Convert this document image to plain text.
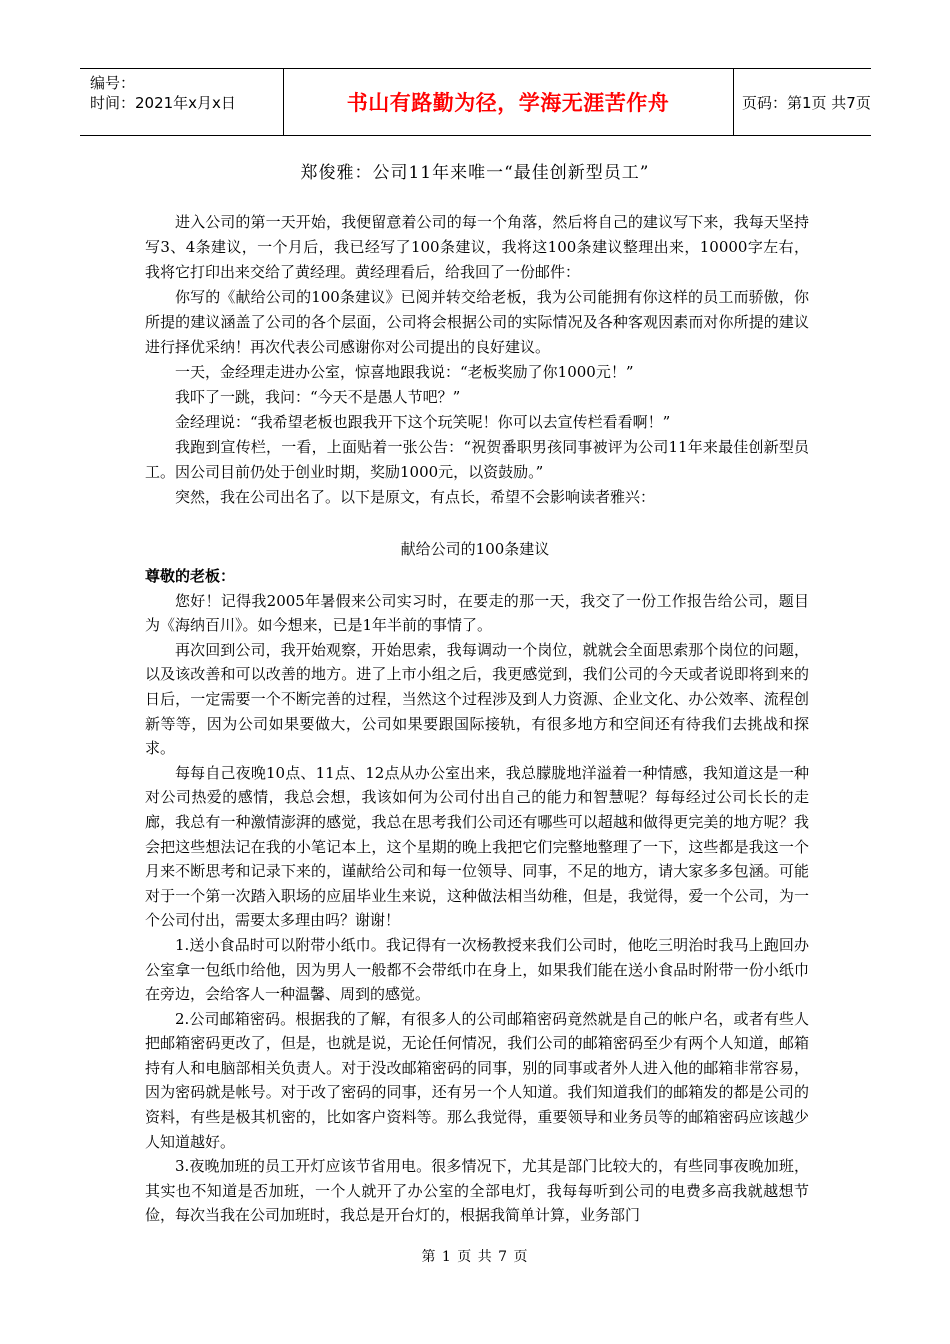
编号：
时间：2021年x月x日	书山有路勤为径，学海无涯苦作舟	页码：第1页 共7页
郑俊雅：公司11年来唯一“最佳创新型员工”

进入公司的第一天开始，我便留意着公司的每一个角落，然后将自己的建议写下来，我每天坚持写3、4条建议，一个月后，我已经写了100条建议，我将这100条建议整理出来，10000字左右，我将它打印出来交给了黄经理。黄经理看后，给我回了一份邮件：

你写的《献给公司的100条建议》已阅并转交给老板，我为公司能拥有你这样的员工而骄傲，你所提的建议涵盖了公司的各个层面，公司将会根据公司的实际情况及各种客观因素而对你所提的建议进行择优采纳！再次代表公司感谢你对公司提出的良好建议。

一天，金经理走进办公室，惊喜地跟我说：“老板奖励了你1000元！”

我吓了一跳，我问：“今天不是愚人节吧？”

金经理说：“我希望老板也跟我开下这个玩笑呢！你可以去宣传栏看看啊！”

我跑到宣传栏，一看，上面贴着一张公告：“祝贺番职男孩同事被评为公司11年来最佳创新型员工。因公司目前仍处于创业时期，奖励1000元，以资鼓励。”

突然，我在公司出名了。以下是原文，有点长，希望不会影响读者雅兴：

献给公司的100条建议

尊敬的老板：

您好！记得我2005年暑假来公司实习时，在要走的那一天，我交了一份工作报告给公司，题目为《海纳百川》。如今想来，已是1年半前的事情了。

再次回到公司，我开始观察，开始思索，我每调动一个岗位，就就会全面思索那个岗位的问题，以及该改善和可以改善的地方。进了上市小组之后，我更感觉到，我们公司的今天或者说即将到来的日后，一定需要一个不断完善的过程，当然这个过程涉及到人力资源、企业文化、办公效率、流程创新等等，因为公司如果要做大，公司如果要跟国际接轨，有很多地方和空间还有待我们去挑战和探求。

每每自己夜晚10点、11点、12点从办公室出来，我总朦胧地洋溢着一种情感，我知道这是一种对公司热爱的感情，我总会想，我该如何为公司付出自己的能力和智慧呢？每每经过公司长长的走廊，我总有一种激情澎湃的感觉，我总在思考我们公司还有哪些可以超越和做得更完美的地方呢？我会把这些想法记在我的小笔记本上，这个星期的晚上我把它们完整地整理了一下，这些都是我这一个月来不断思考和记录下来的，谨献给公司和每一位领导、同事，不足的地方，请大家多多包涵。可能对于一个第一次踏入职场的应届毕业生来说，这种做法相当幼稚，但是，我觉得，爱一个公司，为一个公司付出，需要太多理由吗？谢谢！

1.送小食品时可以附带小纸巾。我记得有一次杨教授来我们公司时，他吃三明治时我马上跑回办公室拿一包纸巾给他，因为男人一般都不会带纸巾在身上，如果我们能在送小食品时附带一份小纸巾在旁边，会给客人一种温馨、周到的感觉。

2.公司邮箱密码。根据我的了解，有很多人的公司邮箱密码竟然就是自己的帐户名，或者有些人把邮箱密码更改了，但是，也就是说，无论任何情况，我们公司的邮箱密码至少有两个人知道，邮箱持有人和电脑部相关负责人。对于没改邮箱密码的同事，别的同事或者外人进入他的邮箱非常容易，因为密码就是帐号。对于改了密码的同事，还有另一个人知道。我们知道我们的邮箱发的都是公司的资料，有些是极其机密的，比如客户资料等。那么我觉得，重要领导和业务员等的邮箱密码应该越少人知道越好。

3.夜晚加班的员工开灯应该节省用电。很多情况下，尤其是部门比较大的，有些同事夜晚加班，其实也不知道是否加班，一个人就开了办公室的全部电灯，我每每听到公司的电费多高我就越想节俭，每次当我在公司加班时，我总是开台灯的，根据我简单计算，业务部门

第 1 页 共 7 页
